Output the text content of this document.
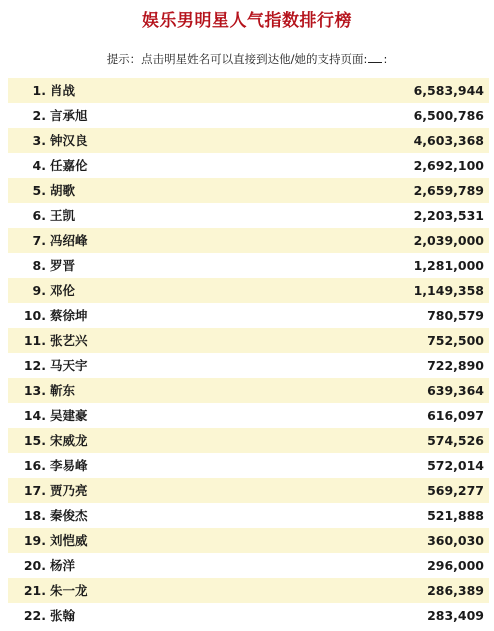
娱乐男明星人气指数排行榜
提示：点击明星姓名可以直接到达他/她的支持页面: :
1. 肖战	6,583,944
2. 言承旭	6,500,786
3. 钟汉良	4,603,368
4. 任嘉伦	2,692,100
5. 胡歌	2,659,789
6. 王凯	2,203,531
7. 冯绍峰	2,039,000
8. 罗晋	1,281,000
9. 邓伦	1,149,358
10. 蔡徐坤	780,579
11. 张艺兴	752,500
12. 马天宇	722,890
13. 靳东	639,364
14. 吴建豪	616,097
15. 宋威龙	574,526
16. 李易峰	572,014
17. 贾乃亮	569,277
18. 秦俊杰	521,888
19. 刘恺威	360,030
20. 杨洋	296,000
21. 朱一龙	286,389
22. 张翰	283,409
